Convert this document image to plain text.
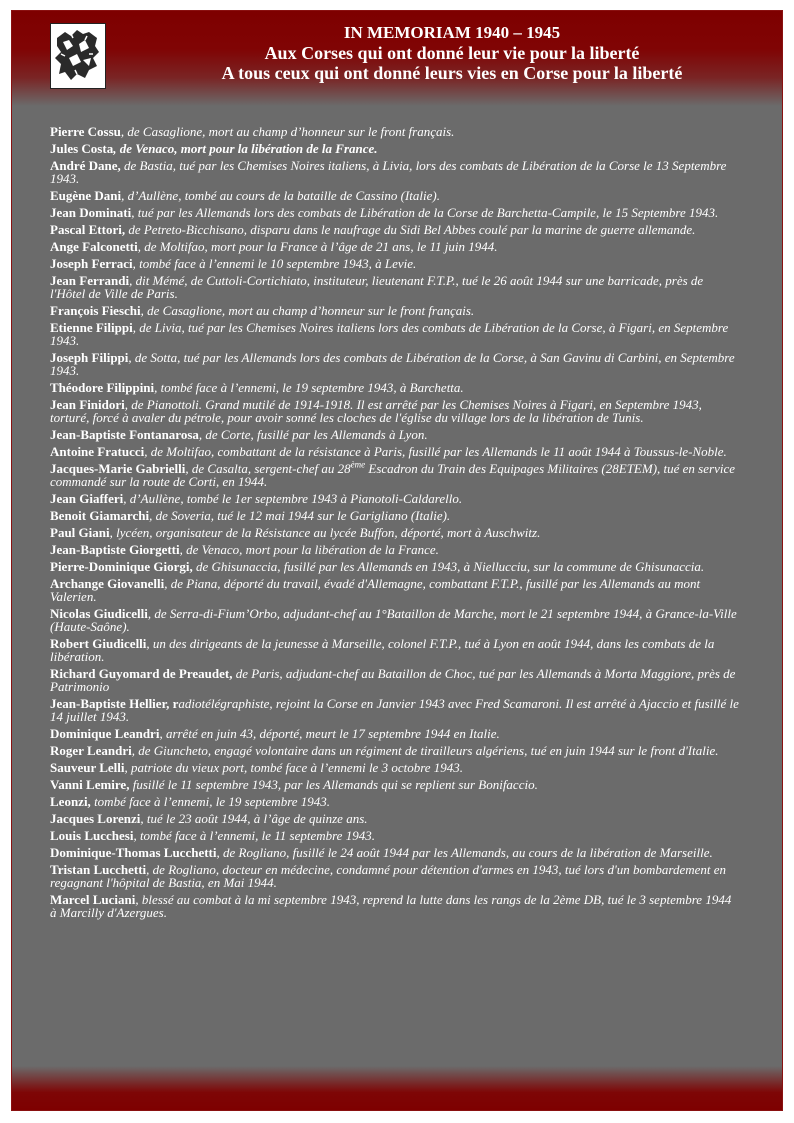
IN MEMORIAM 1940 – 1945
Aux Corses qui ont donné leur vie pour la liberté
A tous ceux qui ont donné leurs vies en Corse pour la liberté
Pierre Cossu, de Casaglione, mort au champ d’honneur sur le front français.
Jules Costa, de Venaco, mort pour la libération de la France.
André Dane, de Bastia, tué par les Chemises Noires italiens, à Livia, lors des combats de Libération de la Corse le 13 Septembre 1943.
Eugène Dani, d’Aullène, tombé au cours de la bataille de Cassino (Italie).
Jean Dominati, tué par les Allemands lors des combats de Libération de la Corse de Barchetta-Campile, le 15 Septembre 1943.
Pascal Ettori, de Petreto-Bicchisano, disparu dans le naufrage du Sidi Bel Abbes coulé par la marine de guerre allemande.
Ange Falconetti, de Moltifao, mort pour la France à l’âge de 21 ans, le 11 juin 1944.
Joseph Ferraci, tombé face à l’ennemi le 10 septembre 1943, à Levie.
Jean Ferrandi, dit Mémé, de Cuttoli-Cortichiato, instituteur, lieutenant F.T.P., tué le 26 août 1944 sur une barricade, près de l'Hôtel de Ville de Paris.
François Fieschi, de Casaglione, mort au champ d’honneur sur le front français.
Etienne Filippi, de Livia, tué par les Chemises Noires italiens lors des combats de Libération de la Corse, à Figari, en Septembre 1943.
Joseph Filippi, de Sotta, tué par les Allemands lors des combats de Libération de la Corse, à San Gavinu di Carbini, en Septembre 1943.
Théodore Filippini, tombé face à l’ennemi, le 19 septembre 1943, à Barchetta.
Jean Finidori, de Pianottoli. Grand mutilé de 1914-1918. Il est arrêté par les Chemises Noires à Figari, en Septembre 1943, torturé, forcé à avaler du pétrole, pour avoir sonné les cloches de l'église du village lors de la libération de Tunis.
Jean-Baptiste Fontanarosa, de Corte, fusillé par les Allemands à Lyon.
Antoine Fratucci, de Moltifao, combattant de la résistance à Paris, fusillé par les Allemands le 11 août 1944 à Toussus-le-Noble.
Jacques-Marie Gabrielli, de Casalta, sergent-chef au 28ème Escadron du Train des Equipages Militaires (28ETEM), tué en service commandé sur la route de Corti, en 1944.
Jean Giafferi, d’Aullène, tombé le 1er septembre 1943 à Pianotoli-Caldarello.
Benoit Giamarchi, de Soveria, tué le 12 mai 1944 sur le Garigliano (Italie).
Paul Giani, lycéen, organisateur de la Résistance au lycée Buffon, déporté, mort à Auschwitz.
Jean-Baptiste Giorgetti, de Venaco, mort pour la libération de la France.
Pierre-Dominique Giorgi, de Ghisunaccia, fusillé par les Allemands en 1943, à Niellucciu, sur la commune de Ghisunaccia.
Archange Giovanelli, de Piana, déporté du travail, évadé d'Allemagne, combattant F.T.P., fusillé par les Allemands au mont Valerien.
Nicolas Giudicelli, de Serra-di-Fium’Orbo, adjudant-chef au 1°Bataillon de Marche, mort le 21 septembre 1944, à Grance-la-Ville (Haute-Saône).
Robert Giudicelli, un des dirigeants de la jeunesse à Marseille, colonel F.T.P., tué à Lyon en août 1944, dans les combats de la libération.
Richard Guyomard de Preaudet, de Paris, adjudant-chef au Bataillon de Choc, tué par les Allemands à Morta Maggiore, près de Patrimonio
Jean-Baptiste Hellier, radiotélégraphiste, rejoint la Corse en Janvier 1943 avec Fred Scamaroni. Il est arrêté à Ajaccio et fusillé le 14 juillet 1943.
Dominique Leandri, arrêté en juin 43, déporté, meurt le 17 septembre 1944 en Italie.
Roger Leandri, de Giuncheto, engagé volontaire dans un régiment de tirailleurs algériens, tué en juin 1944 sur le front d'Italie.
Sauveur Lelli, patriote du vieux port, tombé face à l’ennemi le 3 octobre 1943.
Vanni Lemire, fusillé le 11 septembre 1943, par les Allemands qui se replient sur Bonifaccio.
Leonzi, tombé face à l’ennemi, le 19 septembre 1943.
Jacques Lorenzi, tué le 23 août 1944, à l’âge de quinze ans.
Louis Lucchesi, tombé face à l’ennemi, le 11 septembre 1943.
Dominique-Thomas Lucchetti, de Rogliano, fusillé le 24 août 1944 par les Allemands, au cours de la libération de Marseille.
Tristan Lucchetti, de Rogliano, docteur en médecine, condamné pour détention d'armes en 1943, tué lors d'un bombardement en regagnant l'hôpital de Bastia, en Mai 1944.
Marcel Luciani, blessé au combat à la mi septembre 1943, reprend la lutte dans les rangs de la 2ème DB, tué le 3 septembre 1944 à Marcilly d'Azergues.
